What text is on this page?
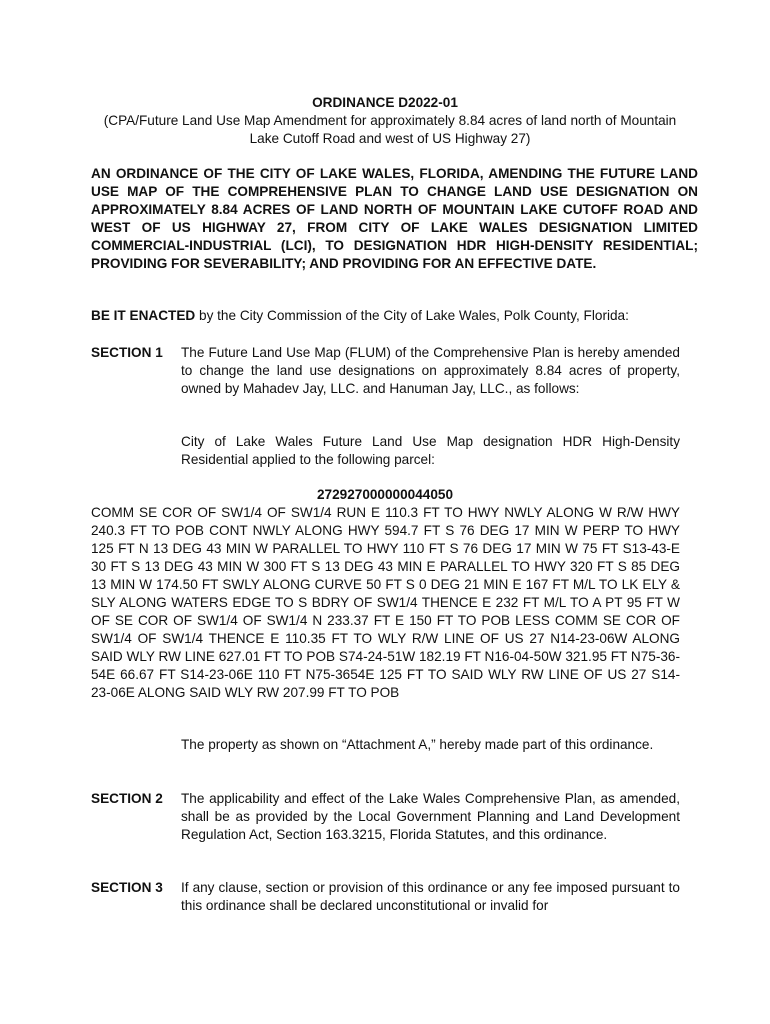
ORDINANCE D2022-01
(CPA/Future Land Use Map Amendment for approximately 8.84 acres of land north of Mountain Lake Cutoff Road and west of US Highway 27)
AN ORDINANCE OF THE CITY OF LAKE WALES, FLORIDA, AMENDING THE FUTURE LAND USE MAP OF THE COMPREHENSIVE PLAN TO CHANGE LAND USE DESIGNATION ON APPROXIMATELY 8.84 ACRES OF LAND NORTH OF MOUNTAIN LAKE CUTOFF ROAD AND WEST OF US HIGHWAY 27, FROM CITY OF LAKE WALES DESIGNATION LIMITED COMMERCIAL-INDUSTRIAL (LCI), TO DESIGNATION HDR HIGH-DENSITY RESIDENTIAL; PROVIDING FOR SEVERABILITY; AND PROVIDING FOR AN EFFECTIVE DATE.
BE IT ENACTED by the City Commission of the City of Lake Wales, Polk County, Florida:
SECTION 1 The Future Land Use Map (FLUM) of the Comprehensive Plan is hereby amended to change the land use designations on approximately 8.84 acres of property, owned by Mahadev Jay, LLC. and Hanuman Jay, LLC., as follows:
City of Lake Wales Future Land Use Map designation HDR High-Density Residential applied to the following parcel:
272927000000044050
COMM SE COR OF SW1/4 OF SW1/4 RUN E 110.3 FT TO HWY NWLY ALONG W R/W HWY 240.3 FT TO POB CONT NWLY ALONG HWY 594.7 FT S 76 DEG 17 MIN W PERP TO HWY 125 FT N 13 DEG 43 MIN W PARALLEL TO HWY 110 FT S 76 DEG 17 MIN W 75 FT S13-43-E 30 FT S 13 DEG 43 MIN W 300 FT S 13 DEG 43 MIN E PARALLEL TO HWY 320 FT S 85 DEG 13 MIN W 174.50 FT SWLY ALONG CURVE 50 FT S 0 DEG 21 MIN E 167 FT M/L TO LK ELY & SLY ALONG WATERS EDGE TO S BDRY OF SW1/4 THENCE E 232 FT M/L TO A PT 95 FT W OF SE COR OF SW1/4 OF SW1/4 N 233.37 FT E 150 FT TO POB LESS COMM SE COR OF SW1/4 OF SW1/4 THENCE E 110.35 FT TO WLY R/W LINE OF US 27 N14-23-06W ALONG SAID WLY RW LINE 627.01 FT TO POB S74-24-51W 182.19 FT N16-04-50W 321.95 FT N75-36-54E 66.67 FT S14-23-06E 110 FT N75-3654E 125 FT TO SAID WLY RW LINE OF US 27 S14-23-06E ALONG SAID WLY RW 207.99 FT TO POB
The property as shown on “Attachment A,” hereby made part of this ordinance.
SECTION 2 The applicability and effect of the Lake Wales Comprehensive Plan, as amended, shall be as provided by the Local Government Planning and Land Development Regulation Act, Section 163.3215, Florida Statutes, and this ordinance.
SECTION 3 If any clause, section or provision of this ordinance or any fee imposed pursuant to this ordinance shall be declared unconstitutional or invalid for
